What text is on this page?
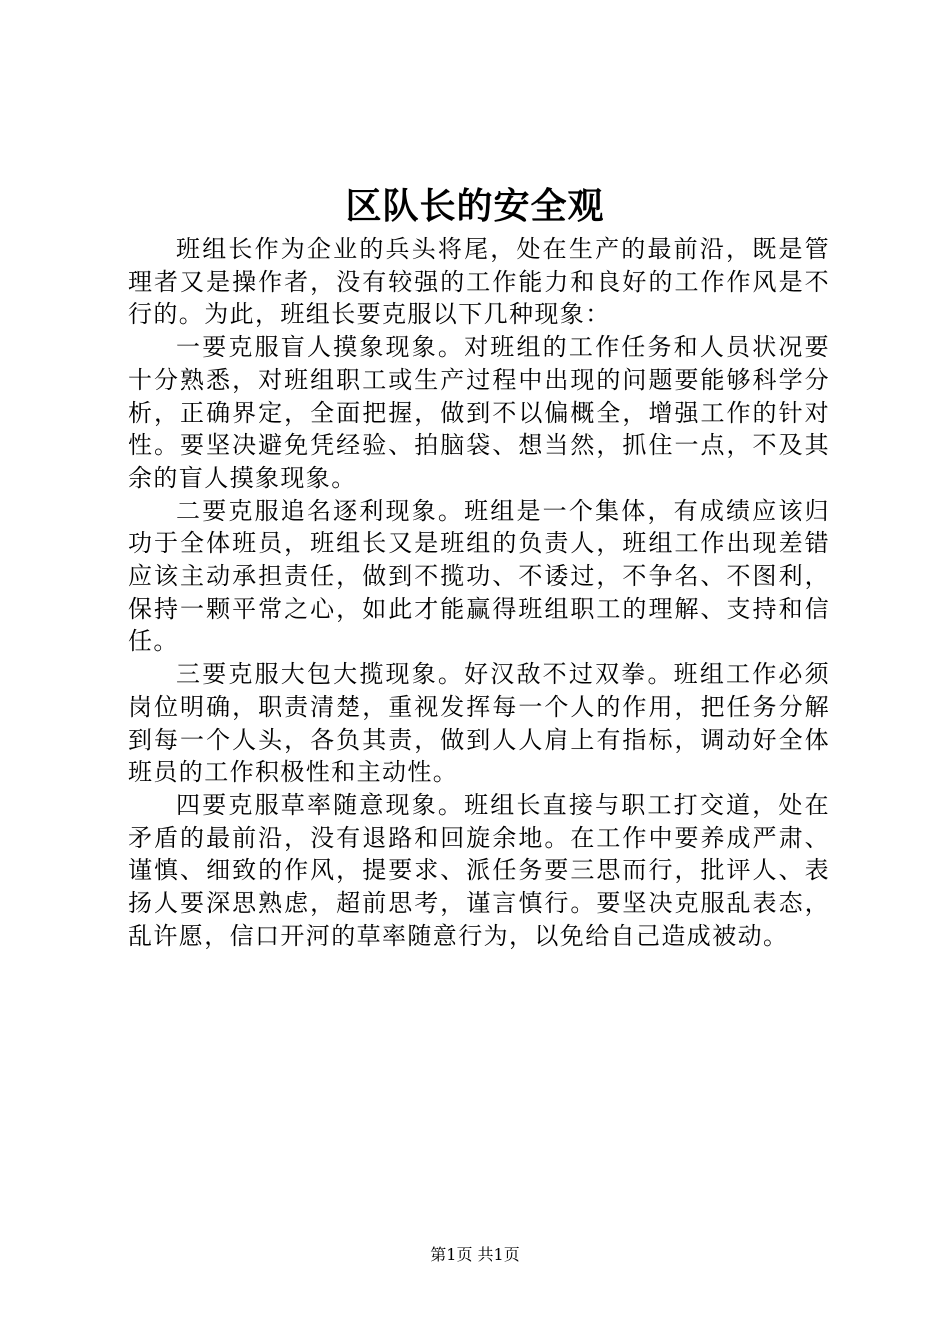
区队长的安全观

班组长作为企业的兵头将尾，处在生产的最前沿，既是管理者又是操作者，没有较强的工作能力和良好的工作作风是不行的。为此，班组长要克服以下几种现象：

一要克服盲人摸象现象。对班组的工作任务和人员状况要十分熟悉，对班组职工或生产过程中出现的问题要能够科学分析，正确界定，全面把握，做到不以偏概全，增强工作的针对性。要坚决避免凭经验、拍脑袋、想当然，抓住一点，不及其余的盲人摸象现象。

二要克服追名逐利现象。班组是一个集体，有成绩应该归功于全体班员，班组长又是班组的负责人，班组工作出现差错应该主动承担责任，做到不揽功、不诿过，不争名、不图利，保持一颗平常之心，如此才能赢得班组职工的理解、支持和信任。

三要克服大包大揽现象。好汉敌不过双拳。班组工作必须岗位明确，职责清楚，重视发挥每一个人的作用，把任务分解到每一个人头，各负其责，做到人人肩上有指标，调动好全体班员的工作积极性和主动性。

四要克服草率随意现象。班组长直接与职工打交道，处在矛盾的最前沿，没有退路和回旋余地。在工作中要养成严肃、谨慎、细致的作风，提要求、派任务要三思而行，批评人、表扬人要深思熟虑，超前思考，谨言慎行。要坚决克服乱表态，乱许愿，信口开河的草率随意行为，以免给自己造成被动。

第1页 共1页
